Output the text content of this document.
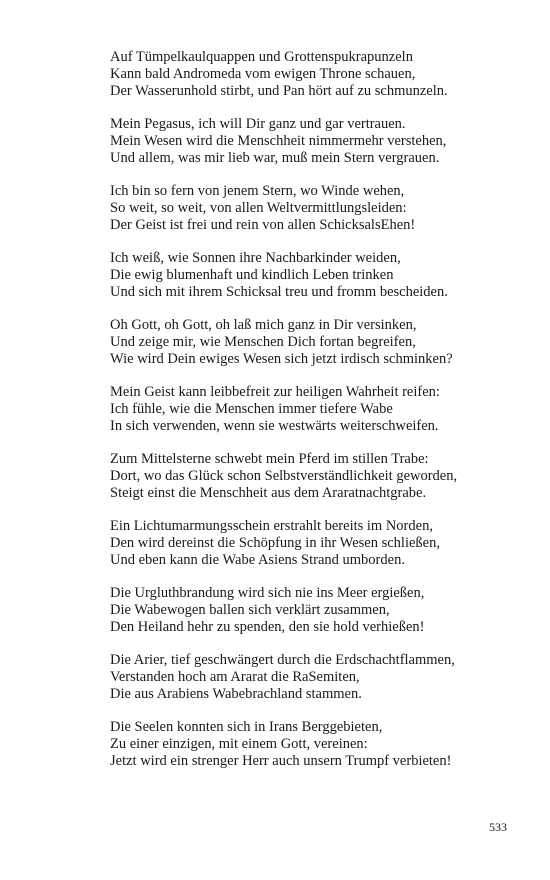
Auf Tümpelkaulquappen und Grottenspukrapunzeln
Kann bald Andromeda vom ewigen Throne schauen,
Der Wasserunhold stirbt, und Pan hört auf zu schmunzeln.
Mein Pegasus, ich will Dir ganz und gar vertrauen.
Mein Wesen wird die Menschheit nimmermehr verstehen,
Und allem, was mir lieb war, muß mein Stern vergrauen.
Ich bin so fern von jenem Stern, wo Winde wehen,
So weit, so weit, von allen Weltvermittlungsleiden:
Der Geist ist frei und rein von allen SchicksalsEhen!
Ich weiß, wie Sonnen ihre Nachbarkinder weiden,
Die ewig blumenhaft und kindlich Leben trinken
Und sich mit ihrem Schicksal treu und fromm bescheiden.
Oh Gott, oh Gott, oh laß mich ganz in Dir versinken,
Und zeige mir, wie Menschen Dich fortan begreifen,
Wie wird Dein ewiges Wesen sich jetzt irdisch schminken?
Mein Geist kann leibbefreit zur heiligen Wahrheit reifen:
Ich fühle, wie die Menschen immer tiefere Wabe
In sich verwenden, wenn sie westwärts weiterschweifen.
Zum Mittelsterne schwebt mein Pferd im stillen Trabe:
Dort, wo das Glück schon Selbstverständlichkeit geworden,
Steigt einst die Menschheit aus dem Araratnachtgrabe.
Ein Lichtumarmungsschein erstrahlt bereits im Norden,
Den wird dereinst die Schöpfung in ihr Wesen schließen,
Und eben kann die Wabe Asiens Strand umborden.
Die Urgluthbrandung wird sich nie ins Meer ergießen,
Die Wabewogen ballen sich verklärt zusammen,
Den Heiland hehr zu spenden, den sie hold verhießen!
Die Arier, tief geschwängert durch die Erdschachtflammen,
Verstanden hoch am Ararat die RaSemiten,
Die aus Arabiens Wabebrachland stammen.
Die Seelen konnten sich in Irans Berggebieten,
Zu einer einzigen, mit einem Gott, vereinen:
Jetzt wird ein strenger Herr auch unsern Trumpf verbieten!
533
